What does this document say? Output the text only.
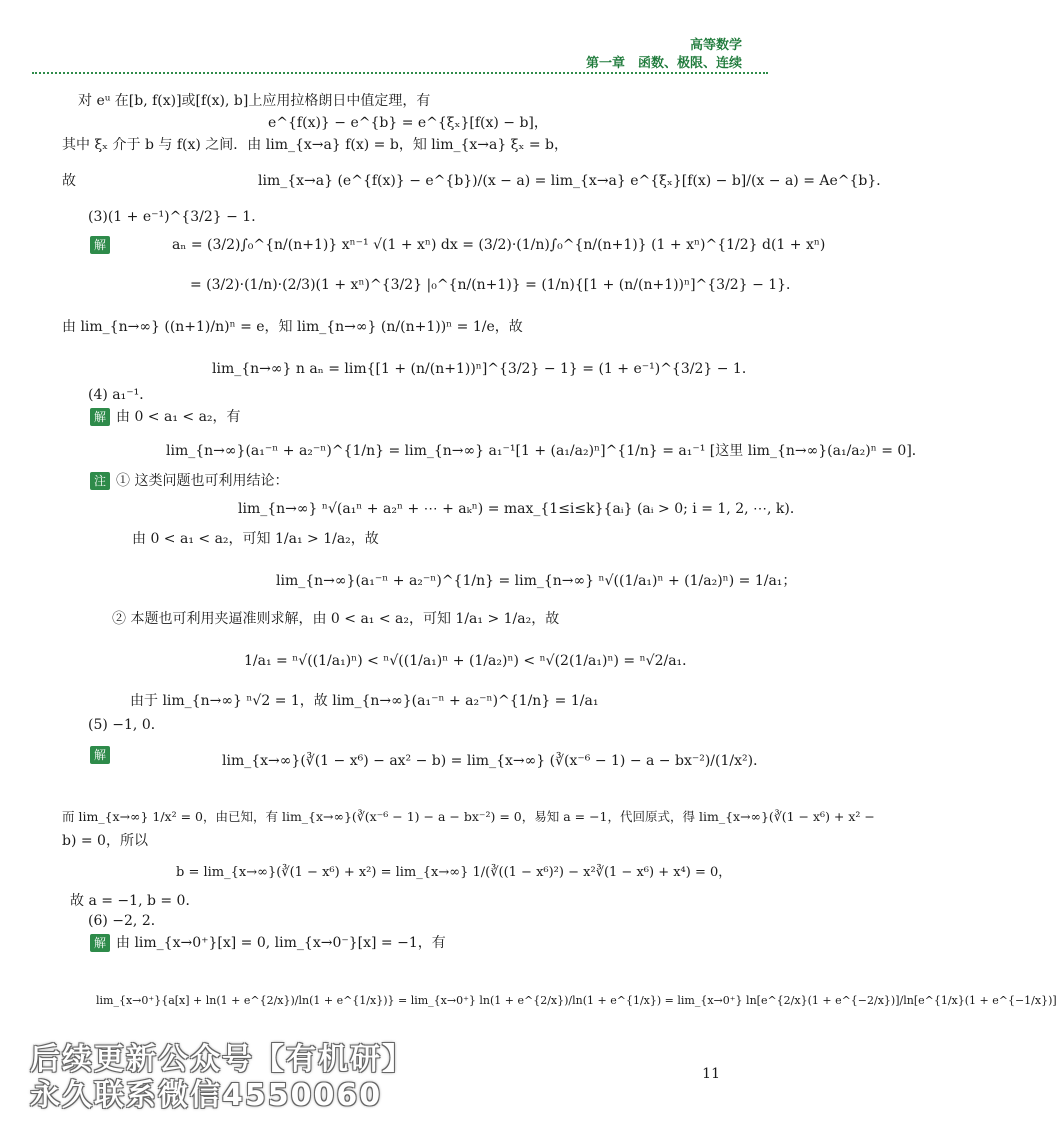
高等数学
第一章　函数、极限、连续
对 eᵘ 在[b, f(x)]或[f(x), b]上应用拉格朗日中值定理，有
e^{f(x)} − e^{b} = e^{ξₓ}[f(x) − b]，
其中 ξₓ 介于 b 与 f(x) 之间．由 lim_{x→a} f(x) = b，知 lim_{x→a} ξₓ = b，
故	lim_{x→a} (e^{f(x)} − e^{b})/(x − a) = lim_{x→a} e^{ξₓ}[f(x) − b]/(x − a) = Ae^{b}．
(3)(1 + e⁻¹)^{3/2} − 1．
解	aₙ = (3/2)∫₀^{n/(n+1)} xⁿ⁻¹ √(1 + xⁿ) dx = (3/2)·(1/n)∫₀^{n/(n+1)} (1 + xⁿ)^{1/2} d(1 + xⁿ)
= (3/2)·(1/n)·(2/3)(1 + xⁿ)^{3/2} |₀^{n/(n+1)} = (1/n){[1 + (n/(n+1))ⁿ]^{3/2} − 1}．
由 lim_{n→∞} ((n+1)/n)ⁿ = e，知 lim_{n→∞} (n/(n+1))ⁿ = 1/e，故
lim_{n→∞} n aₙ = lim{[1 + (n/(n+1))ⁿ]^{3/2} − 1} = (1 + e⁻¹)^{3/2} − 1．
(4) a₁⁻¹．
解 由 0 < a₁ < a₂，有
lim_{n→∞}(a₁⁻ⁿ + a₂⁻ⁿ)^{1/n} = lim_{n→∞} a₁⁻¹[1 + (a₁/a₂)ⁿ]^{1/n} = a₁⁻¹ [这里 lim_{n→∞}(a₁/a₂)ⁿ = 0]．
注 ① 这类问题也可利用结论：
lim_{n→∞} ⁿ√(a₁ⁿ + a₂ⁿ + ⋯ + aₖⁿ) = max_{1≤i≤k}{aᵢ} (aᵢ > 0; i = 1, 2, ⋯, k)．
由 0 < a₁ < a₂，可知 1/a₁ > 1/a₂，故
lim_{n→∞}(a₁⁻ⁿ + a₂⁻ⁿ)^{1/n} = lim_{n→∞} ⁿ√((1/a₁)ⁿ + (1/a₂)ⁿ) = 1/a₁；
② 本题也可利用夹逼准则求解，由 0 < a₁ < a₂，可知 1/a₁ > 1/a₂，故
1/a₁ = ⁿ√((1/a₁)ⁿ) < ⁿ√((1/a₁)ⁿ + (1/a₂)ⁿ) < ⁿ√(2(1/a₁)ⁿ) = ⁿ√2/a₁．
由于 lim_{n→∞} ⁿ√2 = 1，故 lim_{n→∞}(a₁⁻ⁿ + a₂⁻ⁿ)^{1/n} = 1/a₁
(5) −1, 0．
解	lim_{x→∞}(∛(1 − x⁶) − ax² − b) = lim_{x→∞} (∛(x⁻⁶ − 1) − a − bx⁻²)/(1/x²)．
而 lim_{x→∞} 1/x² = 0，由已知，有 lim_{x→∞}(∛(x⁻⁶ − 1) − a − bx⁻²) = 0，易知 a = −1，代回原式，得 lim_{x→∞}(∛(1 − x⁶) + x² −
b) = 0，所以
b = lim_{x→∞}(∛(1 − x⁶) + x²) = lim_{x→∞} 1/(∛((1 − x⁶)²) − x²∛(1 − x⁶) + x⁴) = 0，
故 a = −1, b = 0．
(6) −2, 2．
解 由 lim_{x→0⁺}[x] = 0, lim_{x→0⁻}[x] = −1，有
lim_{x→0⁺}{a[x] + ln(1 + e^{2/x})/ln(1 + e^{1/x})} = lim_{x→0⁺} ln(1 + e^{2/x})/ln(1 + e^{1/x}) = lim_{x→0⁺} ln[e^{2/x}(1 + e^{−2/x})]/ln[e^{1/x}(1 + e^{−1/x})]
后续更新公众号【有机研】
永久联系微信4550060
11
